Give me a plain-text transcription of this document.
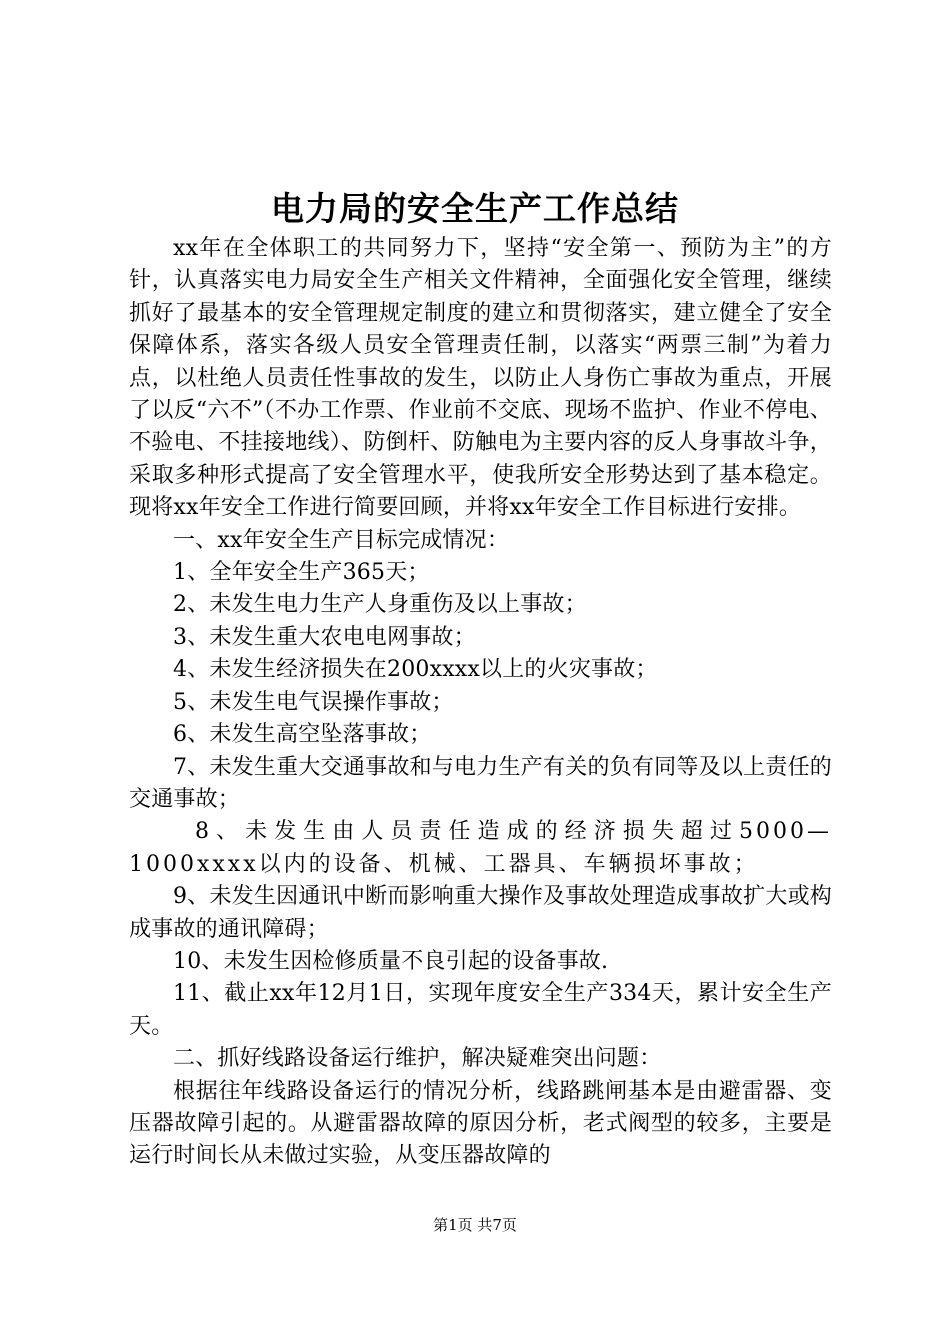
电力局的安全生产工作总结

xx年在全体职工的共同努力下，坚持“安全第一、预防为主”的方针，认真落实电力局安全生产相关文件精神，全面强化安全管理，继续抓好了最基本的安全管理规定制度的建立和贯彻落实，建立健全了安全保障体系，落实各级人员安全管理责任制，以落实“两票三制”为着力点，以杜绝人员责任性事故的发生，以防止人身伤亡事故为重点，开展了以反“六不”（不办工作票、作业前不交底、现场不监护、作业不停电、不验电、不挂接地线）、防倒杆、防触电为主要内容的反人身事故斗争，采取多种形式提高了安全管理水平，使我所安全形势达到了基本稳定。现将xx年安全工作进行简要回顾，并将xx年安全工作目标进行安排。

一、xx年安全生产目标完成情况：

1、全年安全生产365天；

2、未发生电力生产人身重伤及以上事故；

3、未发生重大农电电网事故；

4、未发生经济损失在200xxxx以上的火灾事故；

5、未发生电气误操作事故；

6、未发生高空坠落事故；

7、未发生重大交通事故和与电力生产有关的负有同等及以上责任的交通事故；

8、未发生由人员责任造成的经济损失超过5000—1000xxxx以内的设备、机械、工器具、车辆损坏事故；

9、未发生因通讯中断而影响重大操作及事故处理造成事故扩大或构成事故的通讯障碍；

10、未发生因检修质量不良引起的设备事故.

11、截止xx年12月1日，实现年度安全生产334天，累计安全生产天。

二、抓好线路设备运行维护，解决疑难突出问题：

根据往年线路设备运行的情况分析，线路跳闸基本是由避雷器、变压器故障引起的。从避雷器故障的原因分析，老式阀型的较多，主要是运行时间长从未做过实验，从变压器故障的

第1页 共7页
